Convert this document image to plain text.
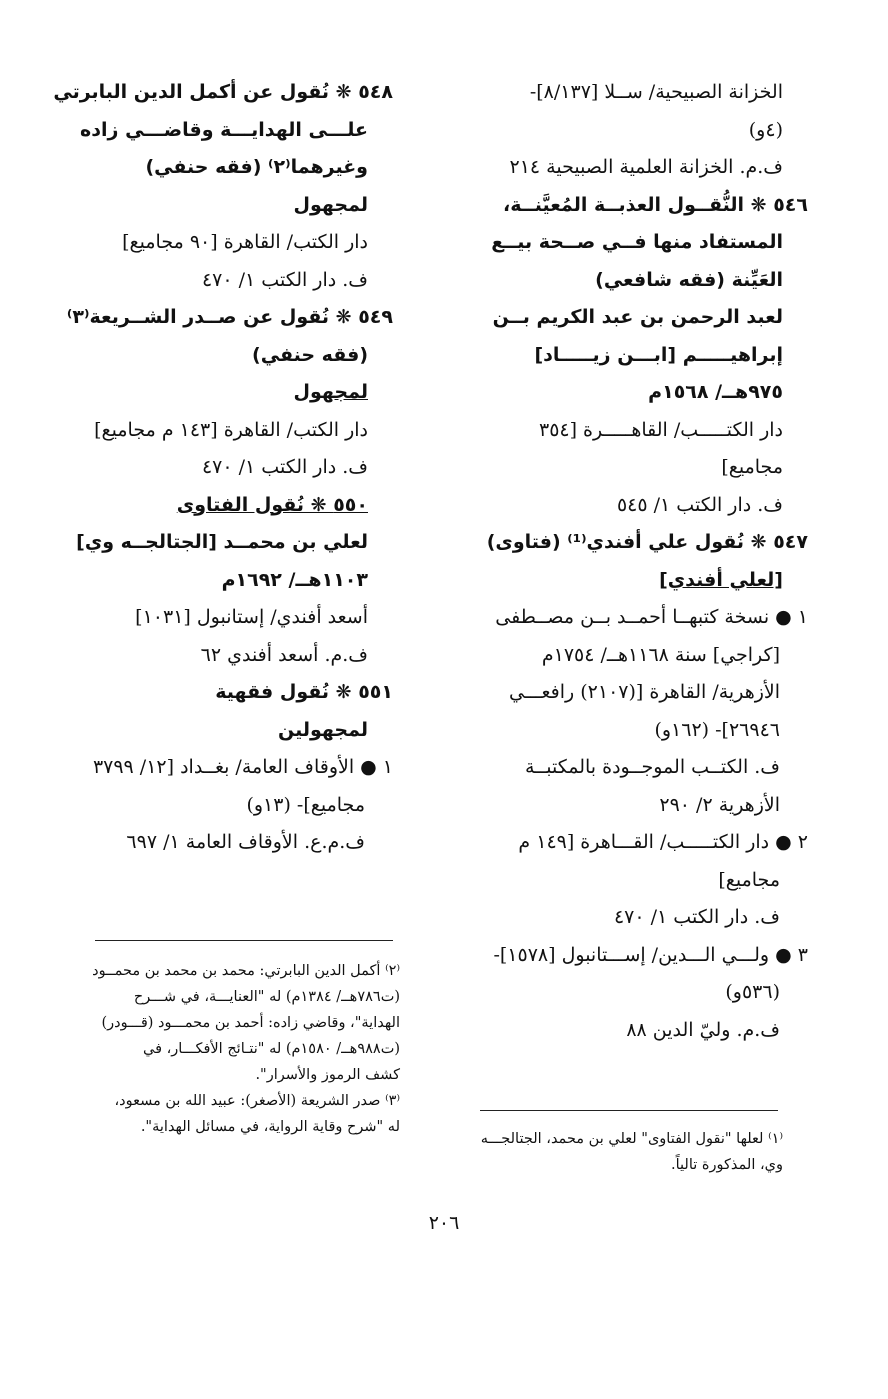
الخزانة الصبيحية/ ســلا [٨/١٣٧]-
(٤و)
ف.م. الخزانة العلمية الصبيحية ٢١٤
٥٤٦ ❋ النُّقــول العذبــة المُعيَّنــة،
المستفاد منها فــي صــحة بيــع
العَيِّنة (فقه شافعي)
لعبد الرحمن بن عبد الكريم بــن
إبراهيـــــم [ابـــن زيـــــاد]
٩٧٥هــ/ ١٥٦٨م
دار الكتـــــب/ القاهـــــرة [٣٥٤
مجاميع]
ف. دار الكتب ١/ ٥٤٥
٥٤٧ ❋ نُقول علي أفندي⁽¹⁾ (فتاوى)
[لعلي أفندي]
١ ● نسخة كتبهــا أحمــد بــن مصــطفى
[كراجي] سنة ١١٦٨هــ/ ١٧٥٤م
الأزهرية/ القاهرة [(٢١٠٧) رافعـــي
٢٦٩٤٦]- (١٦٢و)
ف. الكتــب الموجــودة بالمكتبــة
الأزهرية ٢/ ٢٩٠
٢ ● دار الكتـــــب/ القـــاهرة [١٤٩ م
مجاميع]
ف. دار الكتب ١/ ٤٧٠
٣ ● ولـــي الـــدين/ إســـتانبول [١٥٧٨]-
(٥٣٦و)
ف.م. وليّ الدين ٨٨
٥٤٨ ❋ نُقول عن أكمل الدين البابرتي
علـــى الهدايـــة وقاضـــي زاده
وغيرهما⁽٢⁾ (فقه حنفي)
لمجهول
دار الكتب/ القاهرة [٩٠ مجاميع]
ف. دار الكتب ١/ ٤٧٠
٥٤٩ ❋ نُقول عن صــدر الشــريعة⁽٣⁾
(فقه حنفي)
لمجهول
دار الكتب/ القاهرة [١٤٣ م مجاميع]
ف. دار الكتب ١/ ٤٧٠
٥٥٠ ❋ نُقول الفتاوى
لعلي بن محمــد [الجتالجــه وي]
١١٠٣هــ/ ١٦٩٢م
أسعد أفندي/ إستانبول [١٠٣١]
ف.م. أسعد أفندي ٦٢
٥٥١ ❋ نُقول فقهية
لمجهولين
١ ● الأوقاف العامة/ بغــداد [١٢/ ٣٧٩٩
مجاميع]- (١٣و)
ف.م.ع. الأوقاف العامة ١/ ٦٩٧
⁽٢⁾ أكمل الدين البابرتي: محمد بن محمد بن محمــود
(ت٧٨٦هــ/ ١٣٨٤م) له "العنايـــة، في شـــرح
الهداية"، وقاضي زاده: أحمد بن محمـــود (قـــودر)
(ت٩٨٨هــ/ ١٥٨٠م) له "نتـائج الأفكـــار، في
كشف الرموز والأسرار".
⁽٣⁾ صدر الشريعة (الأصغر): عبيد الله بن مسعود،
له "شرح وقاية الرواية، في مسائل الهداية".
⁽١⁾ لعلها "نقول الفتاوى" لعلي بن محمد، الجتالجـــه
وي، المذكورة تالياً.
٢٠٦
